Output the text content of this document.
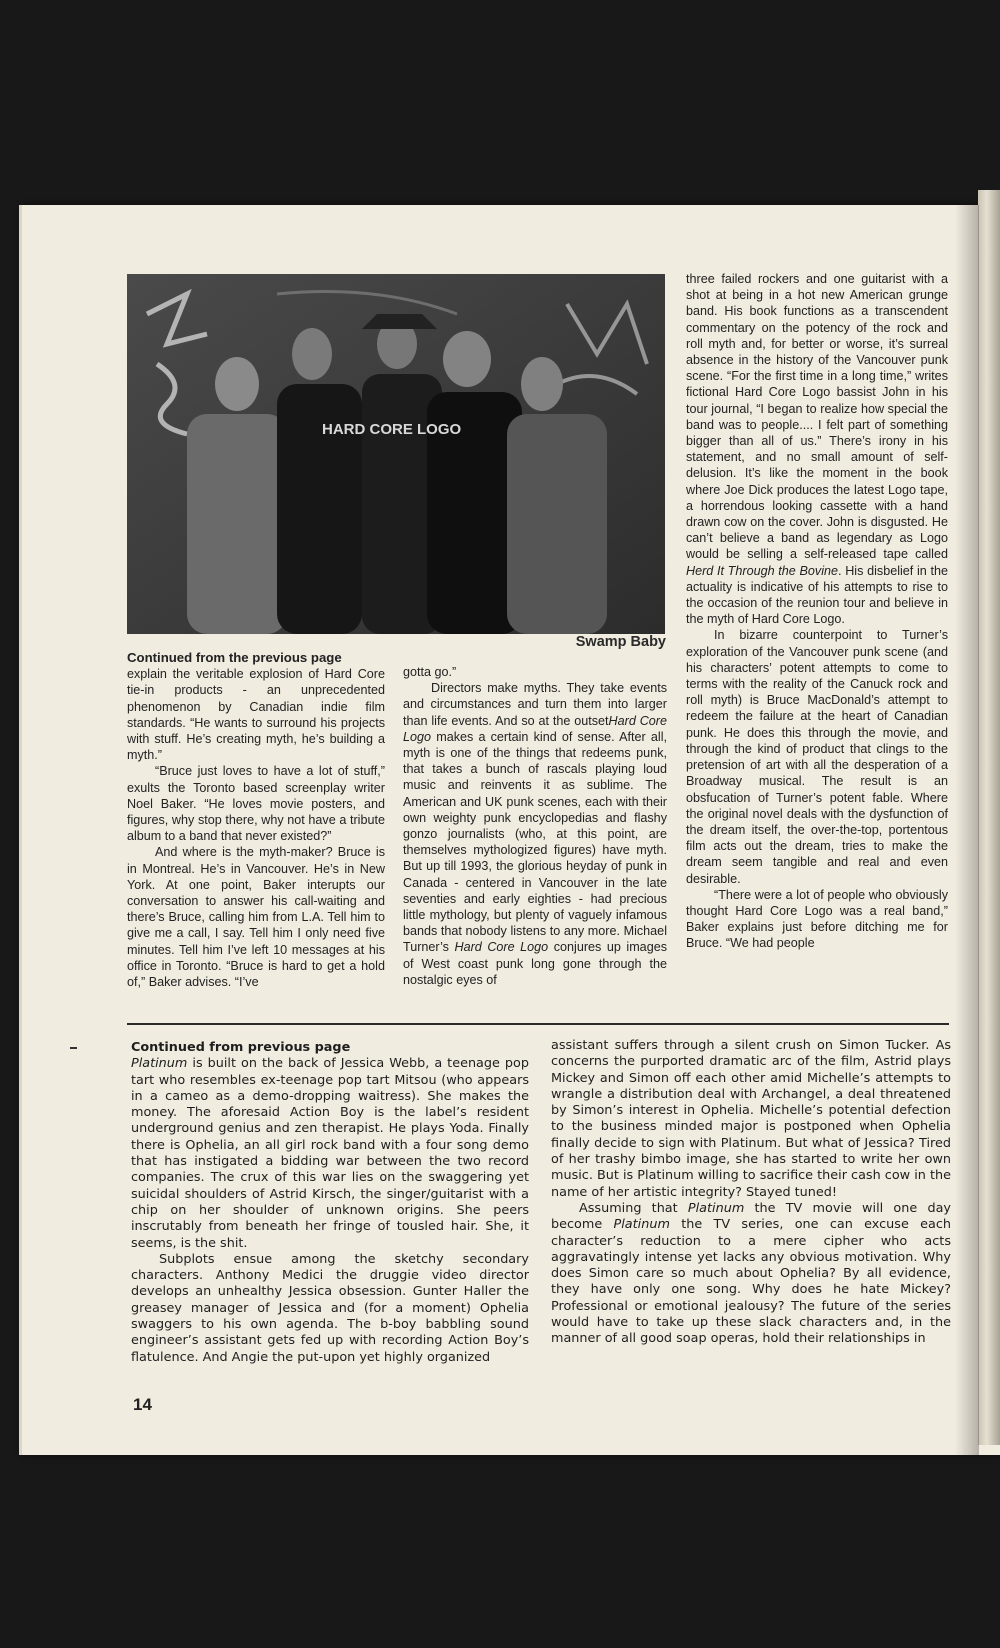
HARD CORE LOGO
Swamp Baby

Continued from the previous page

explain the veritable explosion of Hard Core tie-in products - an unprecedented phenomenon by Canadian indie film standards. “He wants to surround his projects with stuff. He’s creating myth, he’s building a myth.”

“Bruce just loves to have a lot of stuff,” exults the Toronto based screenplay writer Noel Baker. “He loves movie posters, and figures, why stop there, why not have a tribute album to a band that never existed?”

And where is the myth-maker? Bruce is in Montreal. He’s in Vancouver. He’s in New York. At one point, Baker interupts our conversation to answer his call-waiting and there’s Bruce, calling him from L.A. Tell him to give me a call, I say. Tell him I only need five minutes. Tell him I’ve left 10 messages at his office in Toronto. “Bruce is hard to get a hold of,” Baker advises. “I’ve

gotta go.”

Directors make myths. They take events and circumstances and turn them into larger than life events. And so at the outsetHard Core Logo makes a certain kind of sense. After all, myth is one of the things that redeems punk, that takes a bunch of rascals playing loud music and reinvents it as sublime. The American and UK punk scenes, each with their own weighty punk encyclopedias and flashy gonzo journalists (who, at this point, are themselves mythologized figures) have myth. But up till 1993, the glorious heyday of punk in Canada - centered in Vancouver in the late seventies and early eighties - had precious little mythology, but plenty of vaguely infamous bands that nobody listens to any more. Michael Turner’s Hard Core Logo conjures up images of West coast punk long gone through the nostalgic eyes of

three failed rockers and one guitarist with a shot at being in a hot new American grunge band. His book functions as a transcendent commentary on the potency of the rock and roll myth and, for better or worse, it’s surreal absence in the history of the Vancouver punk scene. “For the first time in a long time,” writes fictional Hard Core Logo bassist John in his tour journal, “I began to realize how special the band was to people.... I felt part of something bigger than all of us.” There’s irony in his statement, and no small amount of self-delusion. It’s like the moment in the book where Joe Dick produces the latest Logo tape, a horrendous looking cassette with a hand drawn cow on the cover. John is disgusted. He can’t believe a band as legendary as Logo would be selling a self-released tape called Herd It Through the Bovine. His disbelief in the actuality is indicative of his attempts to rise to the occasion of the reunion tour and believe in the myth of Hard Core Logo.

In bizarre counterpoint to Turner’s exploration of the Vancouver punk scene (and his characters’ potent attempts to come to terms with the reality of the Canuck rock and roll myth) is Bruce MacDonald’s attempt to redeem the failure at the heart of Canadian punk. He does this through the movie, and through the kind of product that clings to the pretension of art with all the desperation of a Broadway musical. The result is an obsfucation of Turner’s potent fable. Where the original novel deals with the dysfunction of the dream itself, the over-the-top, portentous film acts out the dream, tries to make the dream seem tangible and real and even desirable.

“There were a lot of people who obviously thought Hard Core Logo was a real band,” Baker explains just before ditching me for Bruce. “We had people

Continued from previous page

Platinum is built on the back of Jessica Webb, a teenage pop tart who resembles ex-teenage pop tart Mitsou (who appears in a cameo as a demo-dropping waitress). She makes the money. The aforesaid Action Boy is the label’s resident underground genius and zen therapist. He plays Yoda. Finally there is Ophelia, an all girl rock band with a four song demo that has instigated a bidding war between the two record companies. The crux of this war lies on the swaggering yet suicidal shoulders of Astrid Kirsch, the singer/guitarist with a chip on her shoulder of unknown origins. She peers inscrutably from beneath her fringe of tousled hair. She, it seems, is the shit.

Subplots ensue among the sketchy secondary characters. Anthony Medici the druggie video director develops an unhealthy Jessica obsession. Gunter Haller the greasey manager of Jessica and (for a moment) Ophelia swaggers to his own agenda. The b-boy babbling sound engineer’s assistant gets fed up with recording Action Boy’s flatulence. And Angie the put-upon yet highly organized

assistant suffers through a silent crush on Simon Tucker. As concerns the purported dramatic arc of the film, Astrid plays Mickey and Simon off each other amid Michelle’s attempts to wrangle a distribution deal with Archangel, a deal threatened by Simon’s interest in Ophelia. Michelle’s potential defection to the business minded major is postponed when Ophelia finally decide to sign with Platinum. But what of Jessica? Tired of her trashy bimbo image, she has started to write her own music. But is Platinum willing to sacrifice their cash cow in the name of her artistic integrity? Stayed tuned!

Assuming that Platinum the TV movie will one day become Platinum the TV series, one can excuse each character’s reduction to a mere cipher who acts aggravatingly intense yet lacks any obvious motivation. Why does Simon care so much about Ophelia? By all evidence, they have only one song. Why does he hate Mickey? Professional or emotional jealousy? The future of the series would have to take up these slack characters and, in the manner of all good soap operas, hold their relationships in

14
